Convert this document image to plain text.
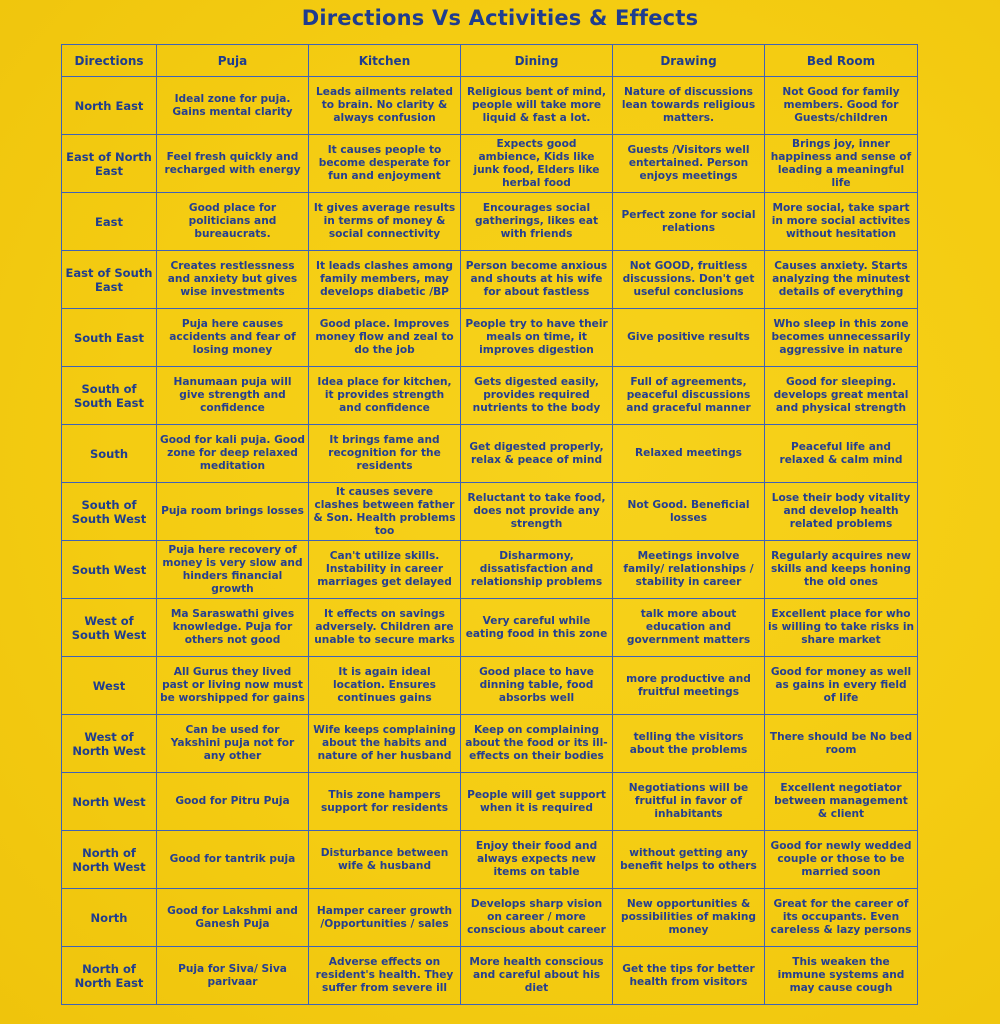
Directions Vs Activities & Effects
Directions	Puja	Kitchen	Dining	Drawing	Bed Room
North East	Ideal zone for puja. Gains mental clarity	Leads ailments related to brain. No clarity & always confusion	Religious bent of mind, people will take more liquid & fast a lot.	Nature of discussions lean towards religious matters.	Not Good for family members. Good for Guests/children
East of North East	Feel fresh quickly and recharged with energy	It causes people to become desperate for fun and enjoyment	Expects good ambience, Kids like junk food, Elders like herbal food	Guests /Visitors well entertained. Person enjoys meetings	Brings joy, inner happiness and sense of leading a meaningful life
East	Good place for politicians and bureaucrats.	It gives average results in terms of money & social connectivity	Encourages social gatherings, likes eat with friends	Perfect zone for social relations	More social, take spart in more social activites without hesitation
East of South East	Creates restlessness and anxiety but gives wise investments	It leads clashes among family members, may develops diabetic /BP	Person become anxious and shouts at his wife for about fastless	Not GOOD, fruitless discussions. Don't get useful conclusions	Causes anxiety. Starts analyzing the minutest details of everything
South East	Puja here causes accidents and fear of losing money	Good place. Improves money flow and zeal to do the job	People try to have their meals on time, it improves digestion	Give positive results	Who sleep in this zone becomes unnecessarily aggressive in nature
South of South East	Hanumaan puja will give strength and confidence	Idea place for kitchen, it provides strength and confidence	Gets digested easily, provides required nutrients to the body	Full of agreements, peaceful discussions and graceful manner	Good for sleeping. develops great mental and physical strength
South	Good for kali puja. Good zone for deep relaxed meditation	It brings fame and recognition for the residents	Get digested properly, relax & peace of mind	Relaxed meetings	Peaceful life and relaxed & calm mind
South of South West	Puja room brings losses	It causes severe clashes between father & Son. Health problems too	Reluctant to take food, does not provide any strength	Not Good. Beneficial losses	Lose their body vitality and develop health related problems
South West	Puja here recovery of money is very slow and hinders financial growth	Can't utilize skills. Instability in career marriages get delayed	Disharmony, dissatisfaction and relationship problems	Meetings involve family/ relationships / stability in career	Regularly acquires new skills and keeps honing the old ones
West of South West	Ma Saraswathi gives knowledge. Puja for others not good	It effects on savings adversely. Children are unable to secure marks	Very careful while eating food in this zone	talk more about education and government matters	Excellent place for who is willing to take risks in share market
West	All Gurus they lived past or living now must be worshipped for gains	It is again ideal location. Ensures continues gains	Good place to have dinning table, food absorbs well	more productive and fruitful meetings	Good for money as well as gains in every field of life
West of North West	Can be used for Yakshini puja not for any other	Wife keeps complaining about the habits and nature of her husband	Keep on complaining about the food or its ill-effects on their bodies	telling the visitors about the problems	There should be No bed room
North West	Good for Pitru Puja	This zone hampers support for residents	People will get support when it is required	Negotiations will be fruitful in favor of inhabitants	Excellent negotiator between management & client
North of North West	Good for tantrik puja	Disturbance between wife & husband	Enjoy their food and always expects new items on table	without getting any benefit helps to others	Good for newly wedded couple or those to be married soon
North	Good for Lakshmi and Ganesh Puja	Hamper career growth /Opportunities / sales	Develops sharp vision on career / more conscious about career	New opportunities & possibilities of making money	Great for the career of its occupants. Even careless & lazy persons
North of North East	Puja for Siva/ Siva parivaar	Adverse effects on resident's health. They suffer from severe ill	More health conscious and careful about his diet	Get the tips for better health from visitors	This weaken the immune systems and may cause cough
